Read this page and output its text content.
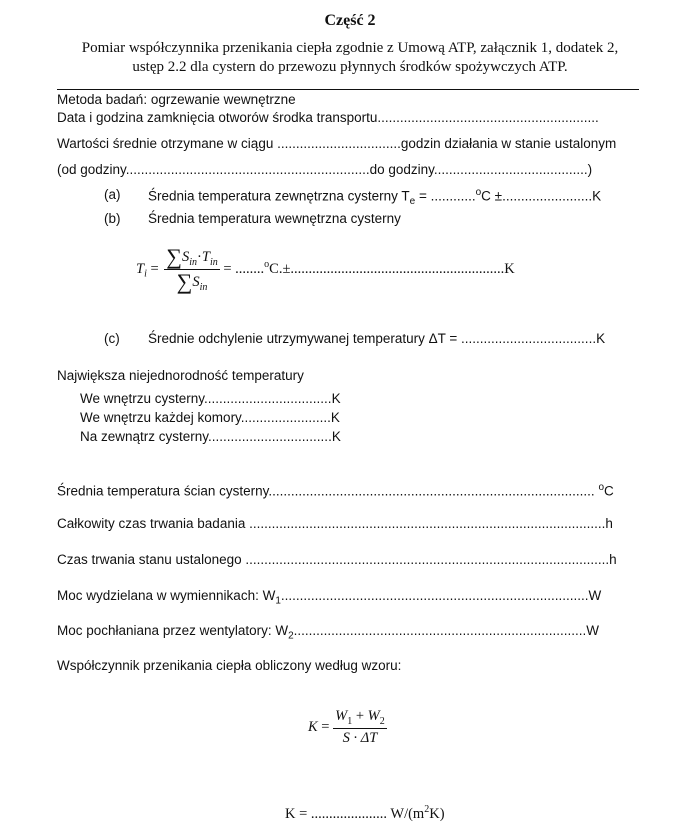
Część 2
Pomiar współczynnika przenikania ciepła zgodnie z Umową ATP, załącznik 1, dodatek 2,
ustęp 2.2 dla cystern do przewozu płynnych środków spożywczych ATP.
Metoda badań: ogrzewanie wewnętrzne
Data i godzina zamknięcia otworów środka transportu...........................................................
Wartości średnie otrzymane w ciągu .................................godzin działania w stanie ustalonym
(od godziny.................................................................do godziny.........................................)
(a) Średnia temperatura zewnętrzna cysterny $T_e = ............^oC \pm........................K$
(b) Średnia temperatura wewnętrzna cysterny
$T_i = \frac{\sum S_{in}\cdot T_{in}}{\sum S_{in}} = ........^oC.\pm...........................................................K$
(c) Średnie odchylenie utrzymywanej temperatury ΔT = ....................................K
Największa niejednorodność temperatury
We wnętrzu cysterny..................................K
We wnętrzu każdej komory........................K
Na zewnątrz cysterny.................................K
Średnia temperatura ścian cysterny....................................................................................... $^o$C
Całkowity czas trwania badania ...............................................................................................h
Czas trwania stanu ustalonego .................................................................................................h
Moc wydzielana w wymiennikach: $W_1..................................................................................W$
Moc pochłaniana przez wentylatory: $W_2..............................................................................W$
Współczynnik przenikania ciepła obliczony według wzoru:
$K = \frac{W_1 + W_2}{S \cdot \Delta T}$
K = ..................... $W/(m^2K)$
